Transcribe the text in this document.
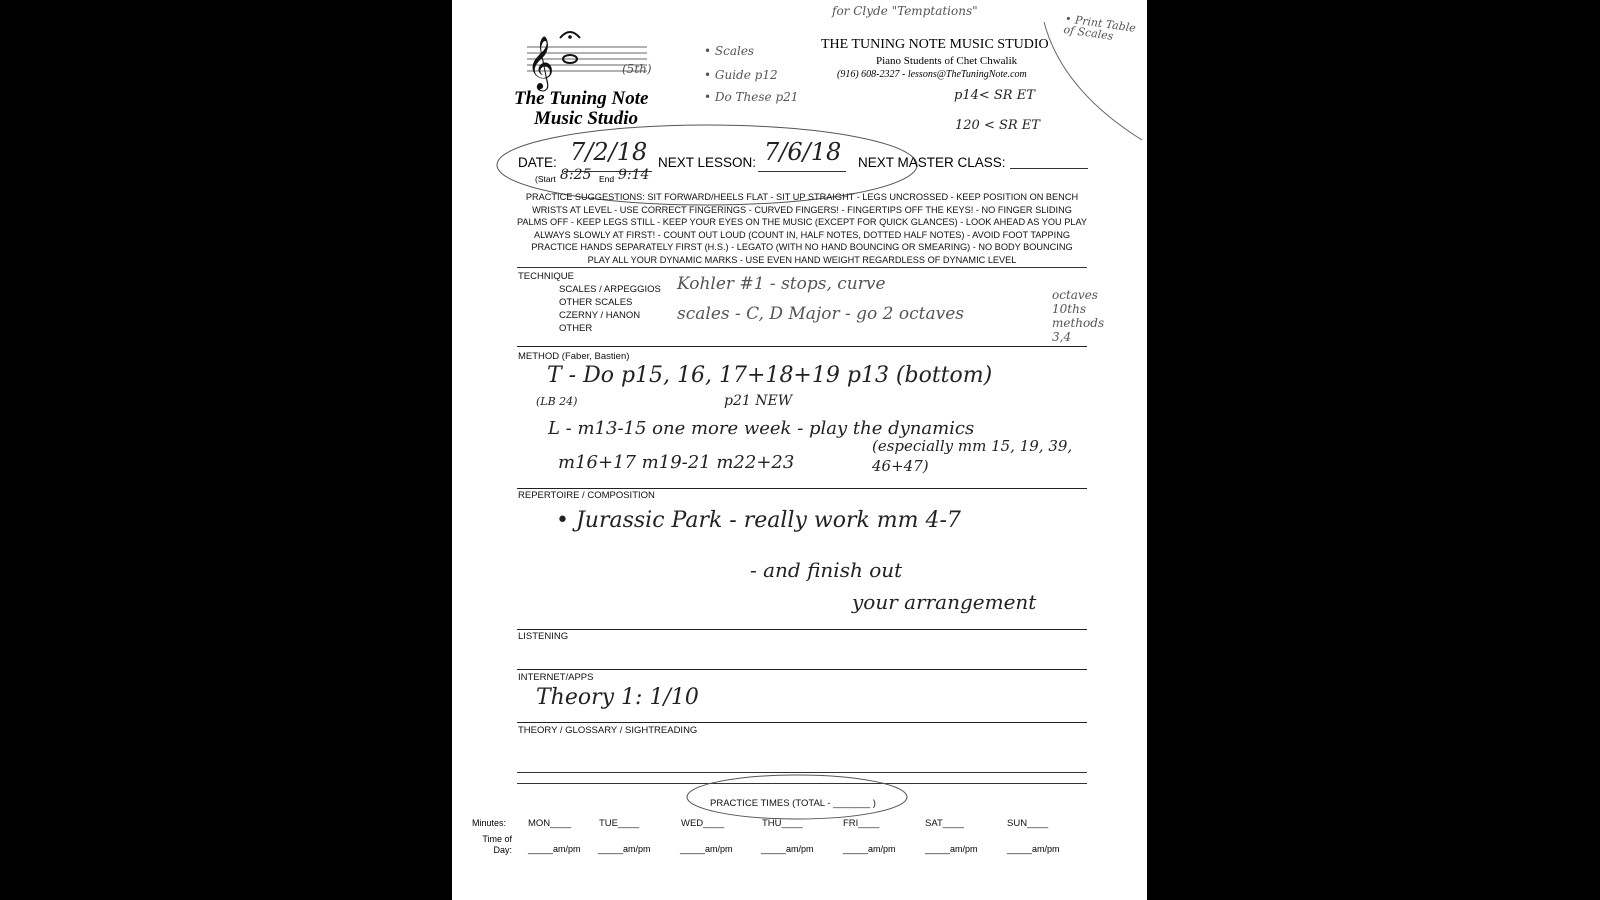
𝄞	(5th)
The Tuning Note
Music Studio
THE TUNING NOTE MUSIC STUDIO
Piano Students of Chet Chwalik
(916) 608-2327 - lessons@TheTuningNote.com
for Clyde "Temptations"
• Print Table of Scales
• Scales
• Guide p12
• Do These p21	p14< SR ET
120 < SR ET
DATE: 7/2/18 NEXT LESSON: 7/6/18 NEXT MASTER CLASS:
(Start 8:25 End 9:14
PRACTICE SUGGESTIONS: SIT FORWARD/HEELS FLAT - SIT UP STRAIGHT - LEGS UNCROSSED - KEEP POSITION ON BENCH
WRISTS AT LEVEL - USE CORRECT FINGERINGS - CURVED FINGERS! - FINGERTIPS OFF THE KEYS! - NO FINGER SLIDING
PALMS OFF - KEEP LEGS STILL - KEEP YOUR EYES ON THE MUSIC (EXCEPT FOR QUICK GLANCES) - LOOK AHEAD AS YOU PLAY
ALWAYS SLOWLY AT FIRST! - COUNT OUT LOUD (COUNT IN, HALF NOTES, DOTTED HALF NOTES) - AVOID FOOT TAPPING
PRACTICE HANDS SEPARATELY FIRST (H.S.) - LEGATO (WITH NO HAND BOUNCING OR SMEARING) - NO BODY BOUNCING
PLAY ALL YOUR DYNAMIC MARKS - USE EVEN HAND WEIGHT REGARDLESS OF DYNAMIC LEVEL
TECHNIQUE
SCALES / ARPEGGIOS
OTHER SCALES
CZERNY / HANON
OTHER
Kohler #1 - stops, curve
scales - C, D Major - go 2 octaves
octaves 10ths methods 3,4
METHOD (Faber, Bastien)
T - Do p15, 16, 17+18+19 p13 (bottom)
(LB 24)	p21 NEW
L - m13-15 one more week - play the dynamics
(especially mm 15, 19, 39, 46+47)
m16+17 m19-21 m22+23
REPERTOIRE / COMPOSITION
• Jurassic Park - really work mm 4-7
- and finish out
your arrangement
LISTENING
INTERNET/APPS
Theory 1: 1/10
THEORY / GLOSSARY / SIGHTREADING
PRACTICE TIMES (TOTAL - _______ )
Minutes:
Time of Day:
MON____	TUE____	WED____	THU____	FRI____	SAT____	SUN____
_____am/pm _____am/pm	_____am/pm	_____am/pm	_____am/pm	_____am/pm	_____am/pm
